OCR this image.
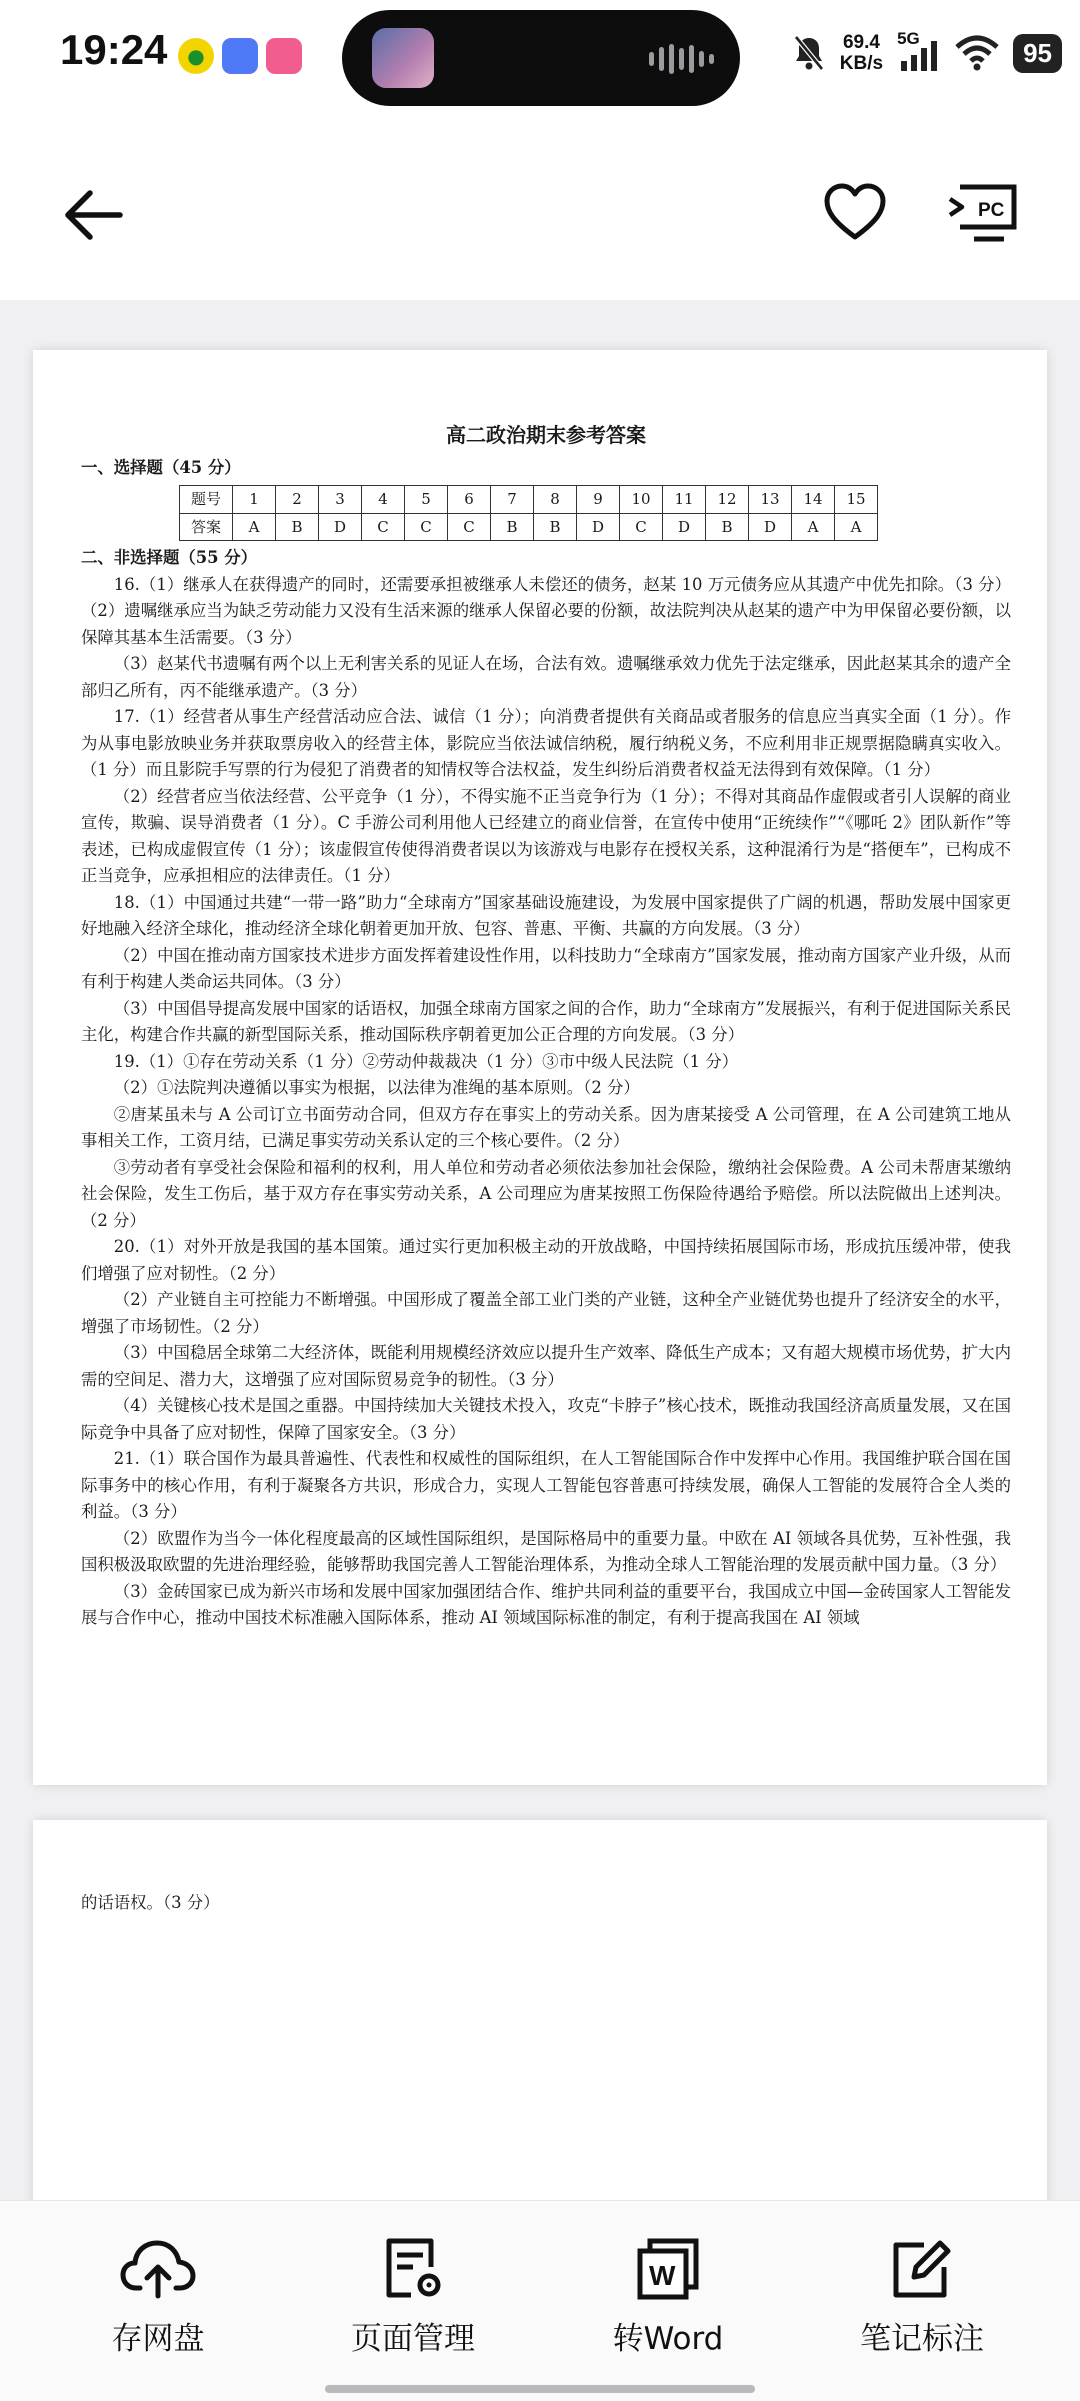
19:24 ●
69.4
KB/s
5G	95
PC
高二政治期末参考答案
一、选择题（45 分）
题号	1	2	3	4	5	6	7	8	9	10	11	12	13	14	15
答案	A	B	D	C	C	C	B	B	D	C	D	B	D	A	A
二、非选择题（55 分）
16.（1）继承人在获得遗产的同时，还需要承担被继承人未偿还的债务，赵某 10 万元债务应从其遗产中优先扣除。（3 分）（2）遗嘱继承应当为缺乏劳动能力又没有生活来源的继承人保留必要的份额，故法院判决从赵某的遗产中为甲保留必要份额，以保障其基本生活需要。（3 分）
（3）赵某代书遗嘱有两个以上无利害关系的见证人在场，合法有效。遗嘱继承效力优先于法定继承，因此赵某其余的遗产全部归乙所有，丙不能继承遗产。（3 分）
17.（1）经营者从事生产经营活动应合法、诚信（1 分）；向消费者提供有关商品或者服务的信息应当真实全面（1 分）。作为从事电影放映业务并获取票房收入的经营主体，影院应当依法诚信纳税，履行纳税义务，不应利用非正规票据隐瞒真实收入。（1 分）而且影院手写票的行为侵犯了消费者的知情权等合法权益，发生纠纷后消费者权益无法得到有效保障。（1 分）
（2）经营者应当依法经营、公平竞争（1 分），不得实施不正当竞争行为（1 分）；不得对其商品作虚假或者引人误解的商业宣传，欺骗、误导消费者（1 分）。C 手游公司利用他人已经建立的商业信誉，在宣传中使用“正统续作”“《哪吒 2》团队新作”等表述，已构成虚假宣传（1 分）；该虚假宣传使得消费者误以为该游戏与电影存在授权关系，这种混淆行为是“搭便车”，已构成不正当竞争，应承担相应的法律责任。（1 分）
18.（1）中国通过共建“一带一路”助力“全球南方”国家基础设施建设，为发展中国家提供了广阔的机遇，帮助发展中国家更好地融入经济全球化，推动经济全球化朝着更加开放、包容、普惠、平衡、共赢的方向发展。（3 分）
（2）中国在推动南方国家技术进步方面发挥着建设性作用，以科技助力“全球南方”国家发展，推动南方国家产业升级，从而有利于构建人类命运共同体。（3 分）
（3）中国倡导提高发展中国家的话语权，加强全球南方国家之间的合作，助力“全球南方”发展振兴，有利于促进国际关系民主化，构建合作共赢的新型国际关系，推动国际秩序朝着更加公正合理的方向发展。（3 分）
19.（1）①存在劳动关系（1 分）②劳动仲裁裁决（1 分）③市中级人民法院（1 分）
（2）①法院判决遵循以事实为根据，以法律为准绳的基本原则。（2 分）
②唐某虽未与 A 公司订立书面劳动合同，但双方存在事实上的劳动关系。因为唐某接受 A 公司管理，在 A 公司建筑工地从事相关工作，工资月结，已满足事实劳动关系认定的三个核心要件。（2 分）
③劳动者有享受社会保险和福利的权利，用人单位和劳动者必须依法参加社会保险，缴纳社会保险费。A 公司未帮唐某缴纳社会保险，发生工伤后，基于双方存在事实劳动关系，A 公司理应为唐某按照工伤保险待遇给予赔偿。所以法院做出上述判决。（2 分）
20.（1）对外开放是我国的基本国策。通过实行更加积极主动的开放战略，中国持续拓展国际市场，形成抗压缓冲带，使我们增强了应对韧性。（2 分）
（2）产业链自主可控能力不断增强。中国形成了覆盖全部工业门类的产业链，这种全产业链优势也提升了经济安全的水平，增强了市场韧性。（2 分）
（3）中国稳居全球第二大经济体，既能利用规模经济效应以提升生产效率、降低生产成本；又有超大规模市场优势，扩大内需的空间足、潜力大，这增强了应对国际贸易竞争的韧性。（3 分）
（4）关键核心技术是国之重器。中国持续加大关键技术投入，攻克“卡脖子”核心技术，既推动我国经济高质量发展，又在国际竞争中具备了应对韧性，保障了国家安全。（3 分）
21.（1）联合国作为最具普遍性、代表性和权威性的国际组织，在人工智能国际合作中发挥中心作用。我国维护联合国在国际事务中的核心作用，有利于凝聚各方共识，形成合力，实现人工智能包容普惠可持续发展，确保人工智能的发展符合全人类的利益。（3 分）
（2）欧盟作为当今一体化程度最高的区域性国际组织，是国际格局中的重要力量。中欧在 AI 领域各具优势，互补性强，我国积极汲取欧盟的先进治理经验，能够帮助我国完善人工智能治理体系，为推动全球人工智能治理的发展贡献中国力量。（3 分）
（3）金砖国家已成为新兴市场和发展中国家加强团结合作、维护共同利益的重要平台，我国成立中国—金砖国家人工智能发展与合作中心，推动中国技术标准融入国际体系，推动 AI 领域国际标准的制定，有利于提高我国在 AI 领域
的话语权。（3 分）
存网盘	页面管理
W
转Word	笔记标注
